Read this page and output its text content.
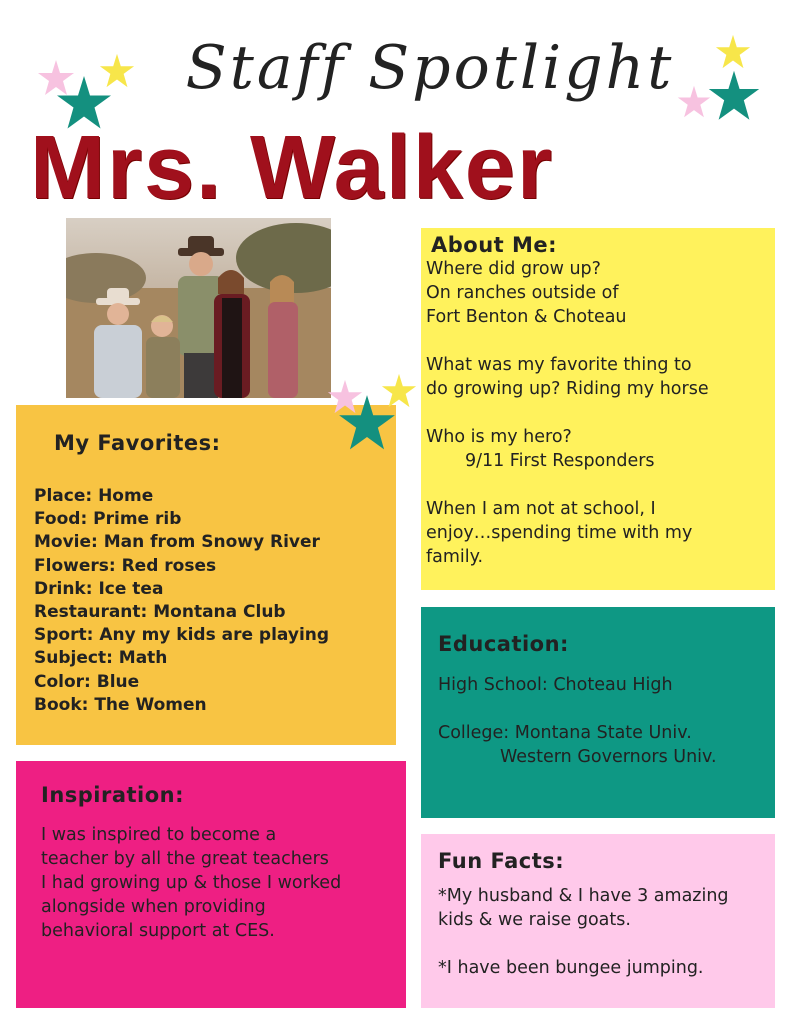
Staff Spotlight
Mrs. Walker
About Me:
Where did grow up?
On ranches outside of
Fort Benton & Choteau

What was my favorite thing to
do growing up? Riding my horse

Who is my hero?
9/11 First Responders

When I am not at school, I
enjoy…spending time with my
family.
My Favorites:
Place: Home
Food: Prime rib
Movie: Man from Snowy River
Flowers: Red roses
Drink: Ice tea
Restaurant: Montana Club
Sport: Any my kids are playing
Subject: Math
Color: Blue
Book: The Women
Education:
High School: Choteau High

College: Montana State Univ.
Western Governors Univ.
Inspiration:
I was inspired to become a
teacher by all the great teachers
I had growing up & those I worked
alongside when providing
behavioral support at CES.
Fun Facts:
*My husband & I have 3 amazing
kids & we raise goats.

*I have been bungee jumping.
